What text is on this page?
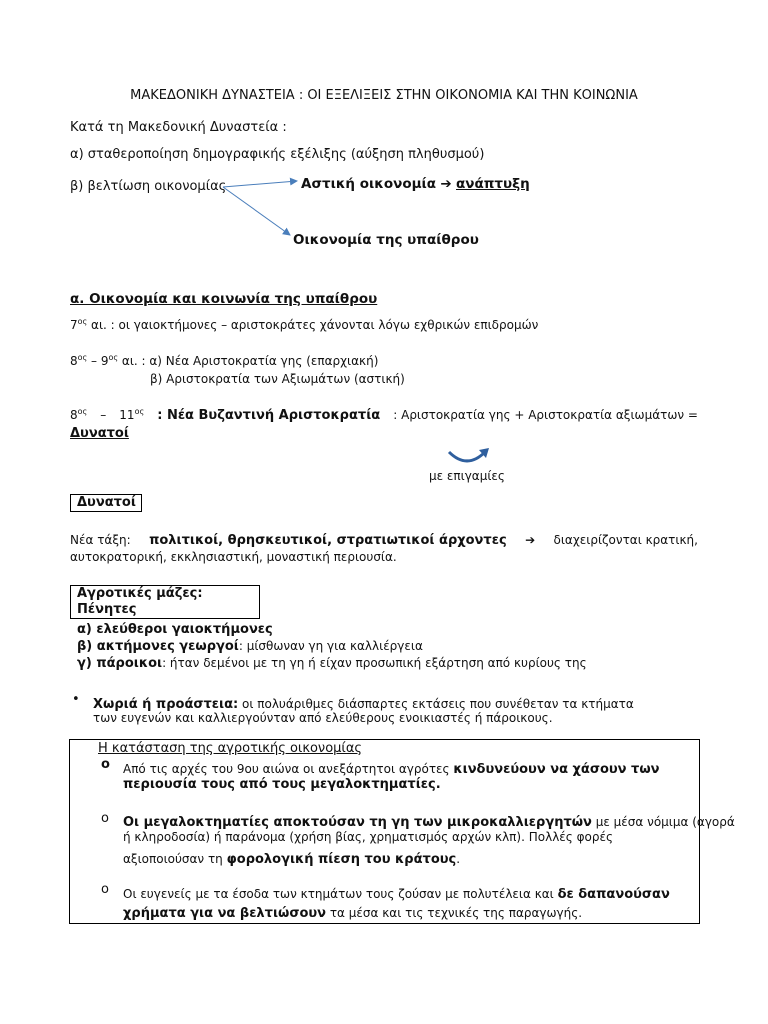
ΜΑΚΕΔΟΝΙΚΗ ΔΥΝΑΣΤΕΙΑ : ΟΙ ΕΞΕΛΙΞΕΙΣ ΣΤΗΝ ΟΙΚΟΝΟΜΙΑ ΚΑΙ ΤΗΝ ΚΟΙΝΩΝΙΑ
Κατά τη Μακεδονική Δυναστεία :
α) σταθεροποίηση δημογραφικής εξέλιξης (αύξηση πληθυσμού)
β) βελτίωση οικονομίας	Αστική οικονομία ➔ ανάπτυξη
Οικονομία της υπαίθρου
α. Οικονομία και κοινωνία της υπαίθρου
$7^{o\varsigma}$ αι. : οι γαιοκτήμονες – αριστοκράτες χάνονται λόγω εχθρικών επιδρομών
$8^{o\varsigma} - 9^{o\varsigma}$ αι. : α) Νέα Αριστοκρατία γης (επαρχιακή)
β) Αριστοκρατία των Αξιωμάτων (αστική)
$8^{o\varsigma} - 11^{o\varsigma}$ : Νέα Βυζαντινή Αριστοκρατία : Αριστοκρατία γης + Αριστοκρατία αξιωμάτων =
Δυνατοί
με επιγαμίες
Δυνατοί
Νέα τάξη: πολιτικοί, θρησκευτικοί, στρατιωτικοί άρχοντες ➔ διαχειρίζονται κρατική,
αυτοκρατορική, εκκλησιαστική, μοναστική περιουσία.
Αγροτικές μάζες: Πένητες
α) ελεύθεροι γαιοκτήμονες
β) ακτήμονες γεωργοί: μίσθωναν γη για καλλιέργεια
γ) πάροικοι: ήταν δεμένοι με τη γη ή είχαν προσωπική εξάρτηση από κυρίους της
• Χωριά ή προάστεια: οι πολυάριθμες διάσπαρτες εκτάσεις που συνέθεταν τα κτήματα
των ευγενών και καλλιεργούνταν από ελεύθερους ενοικιαστές ή πάροικους.
Η κατάσταση της αγροτικής οικονομίας
o Από τις αρχές του 9ου αιώνα οι ανεξάρτητοι αγρότες κινδυνεύουν να χάσουν των
περιουσία τους από τους μεγαλοκτηματίες.
o Οι μεγαλοκτηματίες αποκτούσαν τη γη των μικροκαλλιεργητών με μέσα νόμιμα (αγορά
ή κληροδοσία) ή παράνομα (χρήση βίας, χρηματισμός αρχών κλπ). Πολλές φορές
αξιοποιούσαν τη φορολογική πίεση του κράτους.
o Οι ευγενείς με τα έσοδα των κτημάτων τους ζούσαν με πολυτέλεια και δε δαπανούσαν
χρήματα για να βελτιώσουν τα μέσα και τις τεχνικές της παραγωγής.
